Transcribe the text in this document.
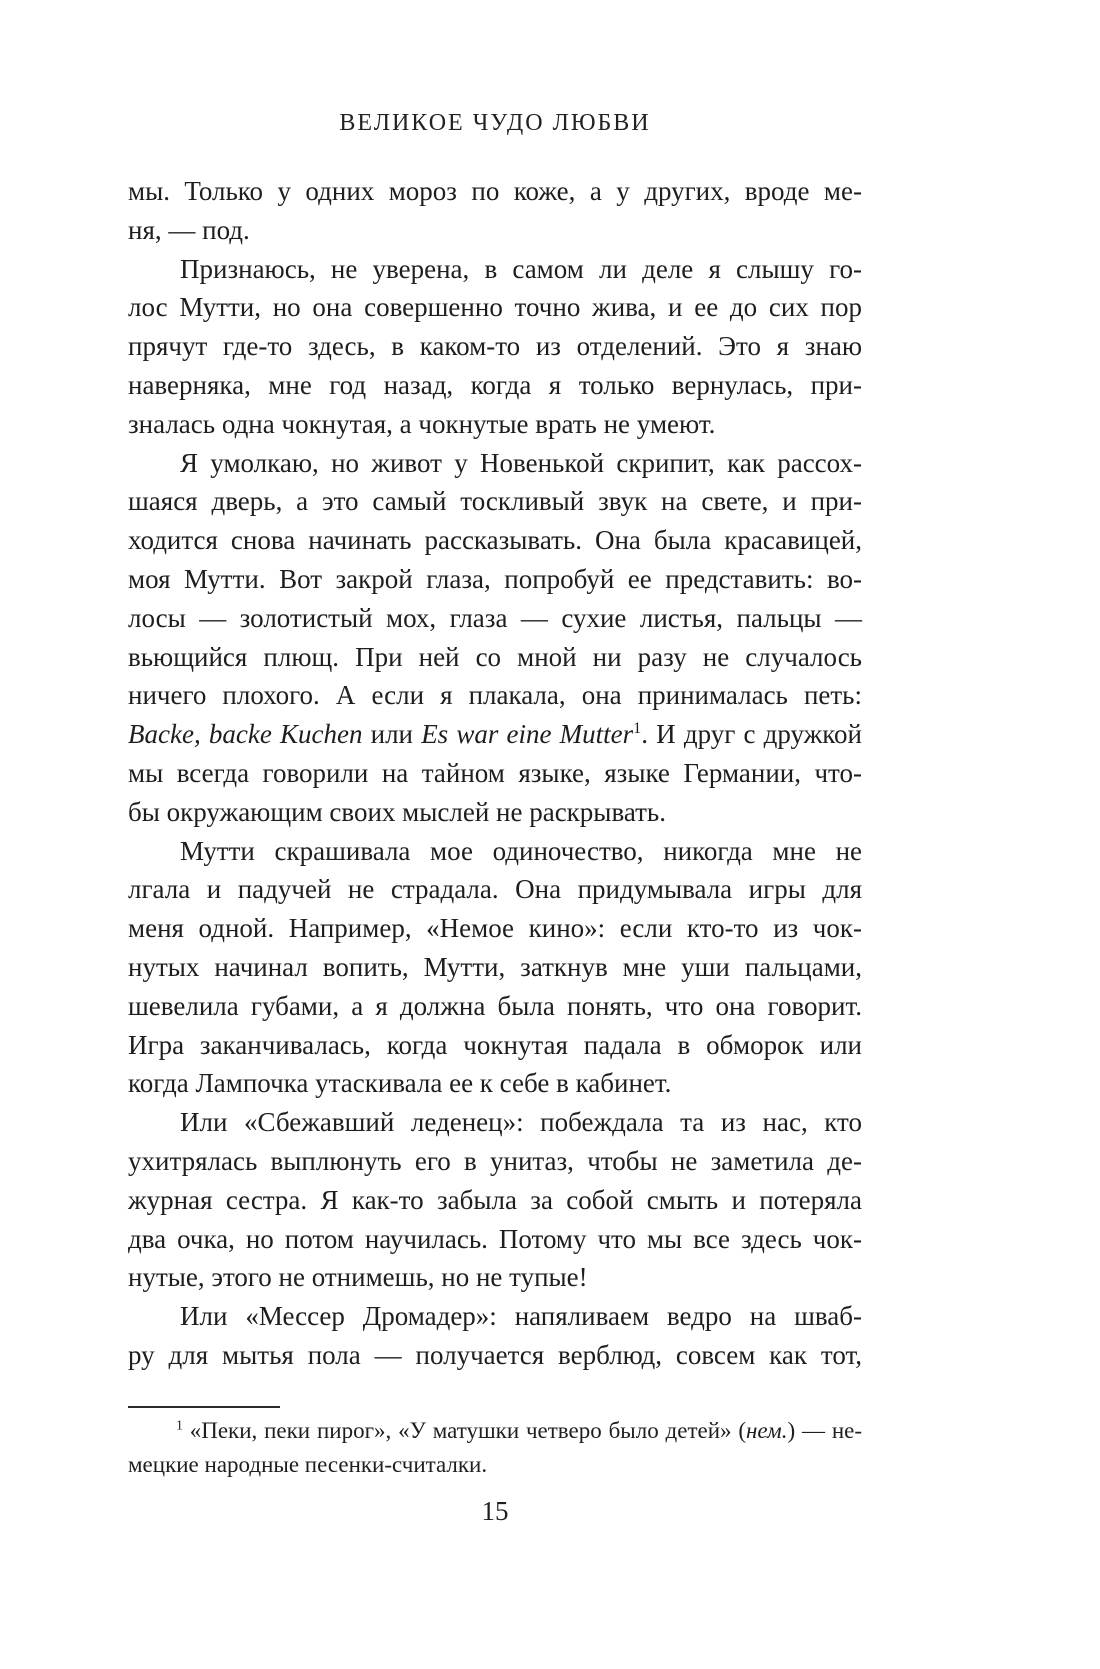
ВЕЛИКОЕ ЧУДО ЛЮБВИ
мы. Только у одних мороз по коже, а у других, вроде ме-
ня, — под.
Признаюсь, не уверена, в самом ли деле я слышу го-
лос Мутти, но она совершенно точно жива, и ее до сих пор
прячут где-то здесь, в каком-то из отделений. Это я знаю
наверняка, мне год назад, когда я только вернулась, при-
зналась одна чокнутая, а чокнутые врать не умеют.
Я умолкаю, но живот у Новенькой скрипит, как рассох-
шаяся дверь, а это самый тоскливый звук на свете, и при-
ходится снова начинать рассказывать. Она была красавицей,
моя Мутти. Вот закрой глаза, попробуй ее представить: во-
лосы — золотистый мох, глаза — сухие листья, пальцы —
вьющийся плющ. При ней со мной ни разу не случалось
ничего плохого. А если я плакала, она принималась петь:
Backe, backe Kuchen или Es war eine Mutter$^1$. И друг с дружкой
мы всегда говорили на тайном языке, языке Германии, что-
бы окружающим своих мыслей не раскрывать.
Мутти скрашивала мое одиночество, никогда мне не
лгала и падучей не страдала. Она придумывала игры для
меня одной. Например, «Немое кино»: если кто-то из чок-
нутых начинал вопить, Мутти, заткнув мне уши пальцами,
шевелила губами, а я должна была понять, что она говорит.
Игра заканчивалась, когда чокнутая падала в обморок или
когда Лампочка утаскивала ее к себе в кабинет.
Или «Сбежавший леденец»: побеждала та из нас, кто
ухитрялась выплюнуть его в унитаз, чтобы не заметила де-
журная сестра. Я как-то забыла за собой смыть и потеряла
два очка, но потом научилась. Потому что мы все здесь чок-
нутые, этого не отнимешь, но не тупые!
Или «Мессер Дромадер»: напяливаем ведро на шваб-
ру для мытья пола — получается верблюд, совсем как тот,
$^1$ «Пеки, пеки пирог», «У матушки четверо было детей» (нем.) — не-
мецкие народные песенки-считалки.
15
